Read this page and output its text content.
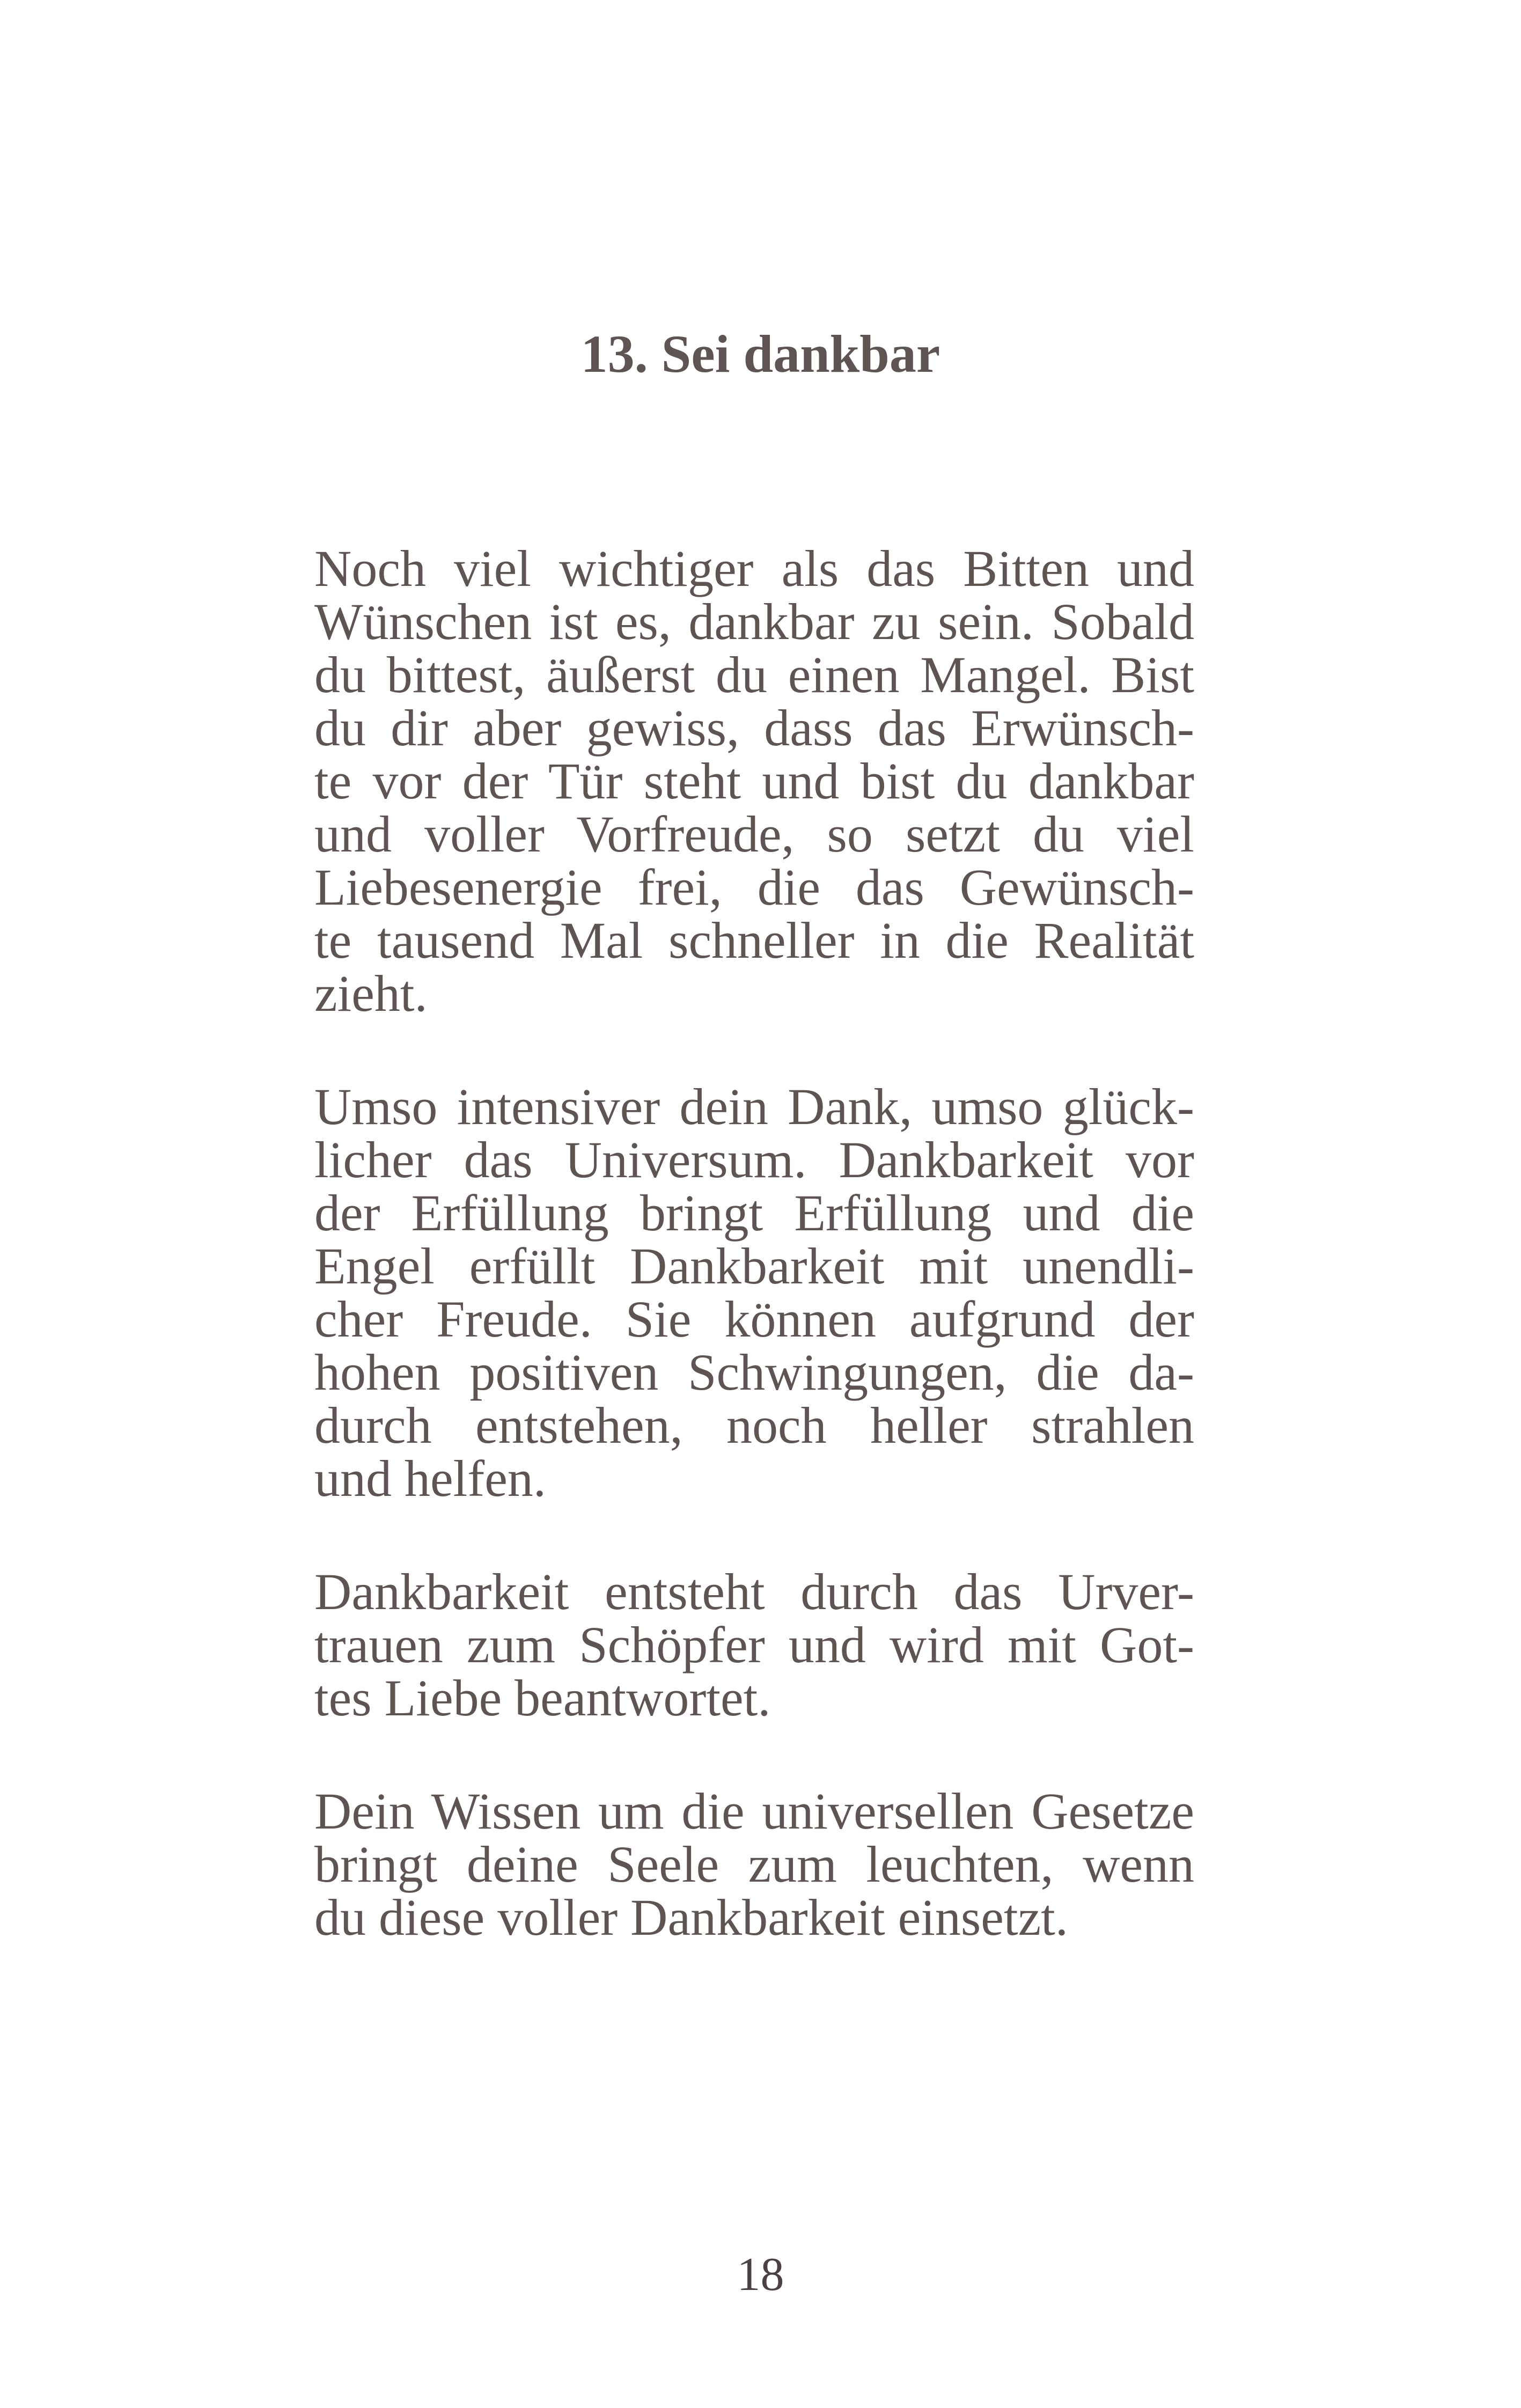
13. Sei dankbar
Noch viel wichtiger als das Bitten und
Wünschen ist es, dankbar zu sein. Sobald
du bittest, äußerst du einen Mangel. Bist
du dir aber gewiss, dass das Erwünsch-
te vor der Tür steht und bist du dankbar
und voller Vorfreude, so setzt du viel
Liebesenergie frei, die das Gewünsch-
te tausend Mal schneller in die Realität
zieht.
Umso intensiver dein Dank, umso glück-
licher das Universum. Dankbarkeit vor
der Erfüllung bringt Erfüllung und die
Engel erfüllt Dankbarkeit mit unendli-
cher Freude. Sie können aufgrund der
hohen positiven Schwingungen, die da-
durch entstehen, noch heller strahlen
und helfen.
Dankbarkeit entsteht durch das Urver-
trauen zum Schöpfer und wird mit Got-
tes Liebe beantwortet.
Dein Wissen um die universellen Gesetze
bringt deine Seele zum leuchten, wenn
du diese voller Dankbarkeit einsetzt.
18
